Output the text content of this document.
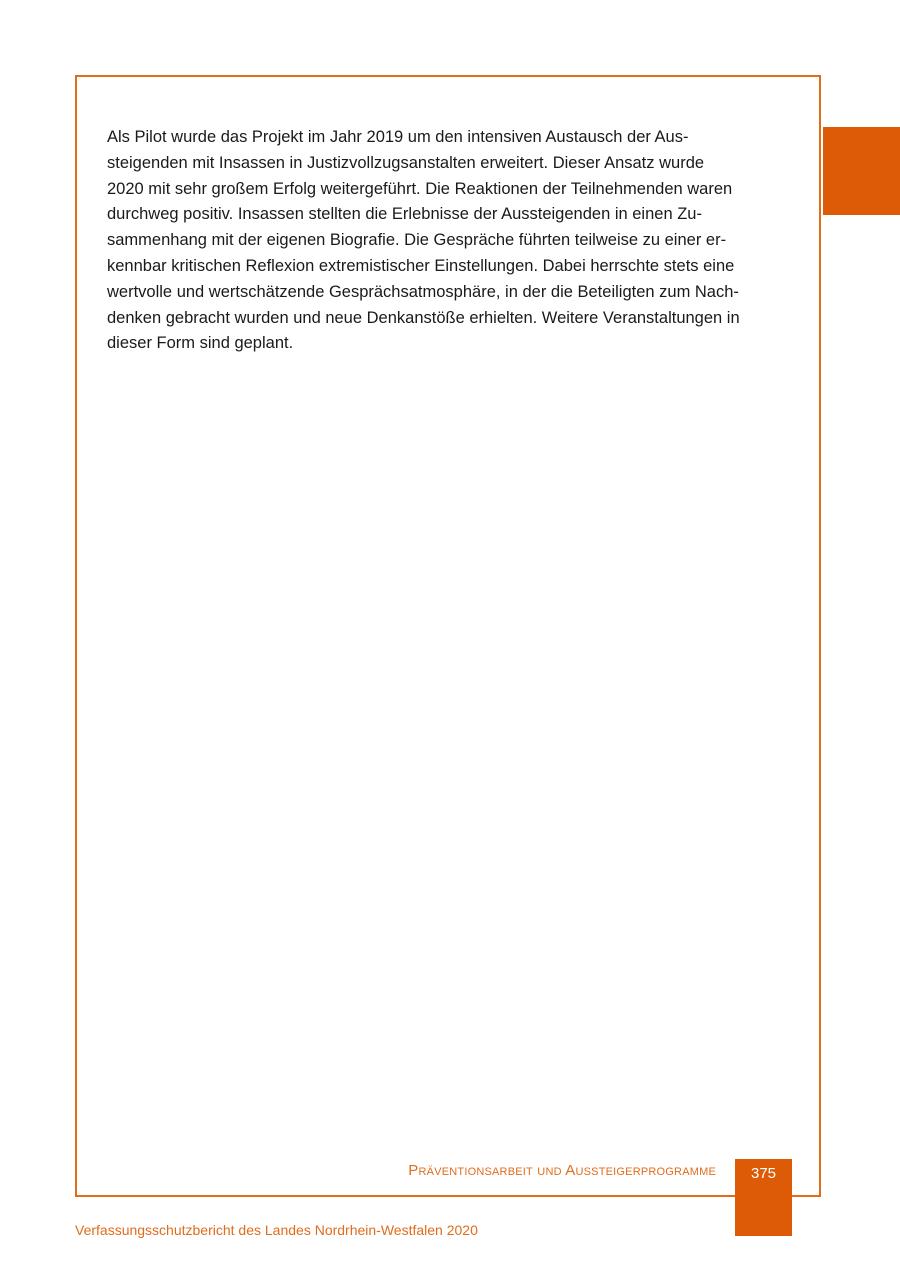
Als Pilot wurde das Projekt im Jahr 2019 um den intensiven Austausch der Aus-
steigenden mit Insassen in Justizvollzugsanstalten erweitert. Dieser Ansatz wurde
2020 mit sehr großem Erfolg weitergeführt. Die Reaktionen der Teilnehmenden waren
durchweg positiv. Insassen stellten die Erlebnisse der Aussteigenden in einen Zu-
sammenhang mit der eigenen Biografie. Die Gespräche führten teilweise zu einer er-
kennbar kritischen Reflexion extremistischer Einstellungen. Dabei herrschte stets eine
wertvolle und wertschätzende Gesprächsatmosphäre, in der die Beteiligten zum Nach-
denken gebracht wurden und neue Denkanstöße erhielten. Weitere Veranstaltungen in
dieser Form sind geplant.

Präventionsarbeit und Aussteigerprogramme	375
Verfassungsschutzbericht des Landes Nordrhein-Westfalen 2020
